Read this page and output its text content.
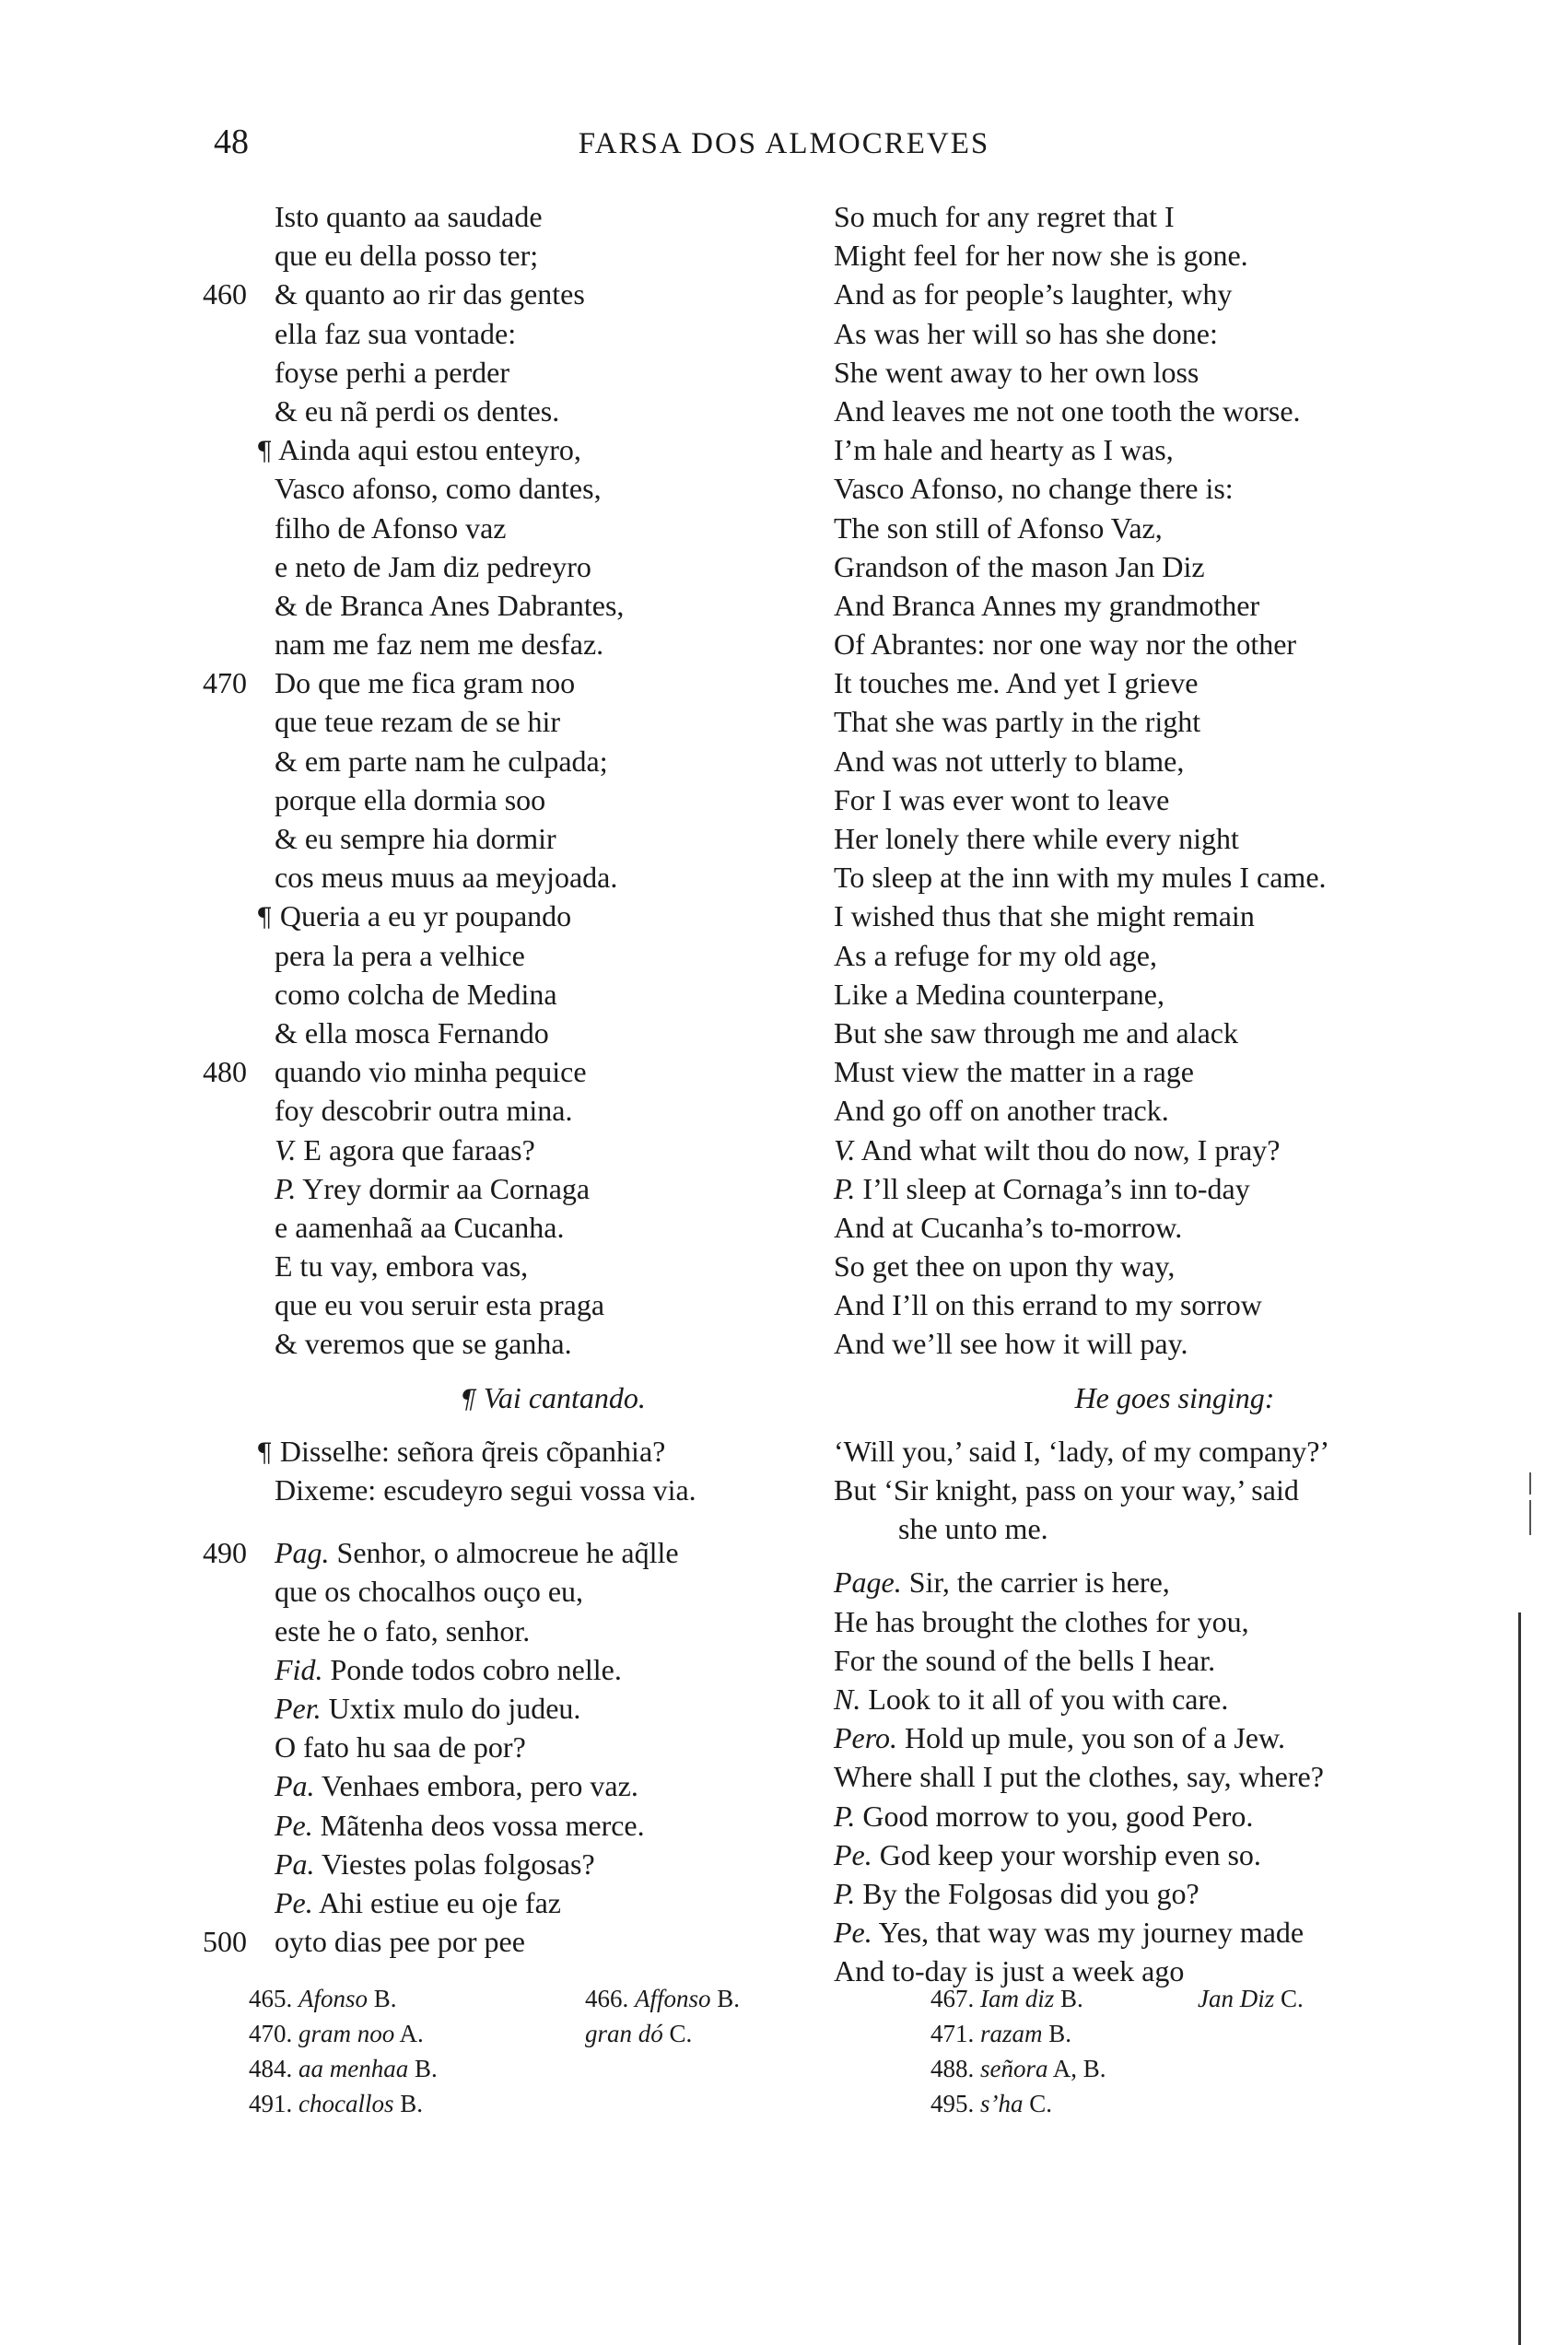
48	FARSA DOS ALMOCREVES
Isto quanto aa saudade
que eu della posso ter;
460 & quanto ao rir das gentes
ella faz sua vontade:
foyse perhi a perder
& eu nã perdi os dentes.
¶ Ainda aqui estou enteyro,
Vasco afonso, como dantes,
filho de Afonso vaz
e neto de Jam diz pedreyro
& de Branca Anes Dabrantes,
nam me faz nem me desfaz.
470 Do que me fica gram noo
que teue rezam de se hir
& em parte nam he culpada;
porque ella dormia soo
& eu sempre hia dormir
cos meus muus aa meyjoada.
¶ Queria a eu yr poupando
pera la pera a velhice
como colcha de Medina
& ella mosca Fernando
480 quando vio minha pequice
foy descobrir outra mina.
V. E agora que faraas?
P. Yrey dormir aa Cornaga
e aamenhaã aa Cucanha.
E tu vay, embora vas,
que eu vou seruir esta praga
& veremos que se ganha.
¶ Vai cantando.
¶ Disselhe: señora q̃reis cõpanhia?
Dixeme: escudeyro segui vossa via.
490 Pag. Senhor, o almocreue he aq̃lle
que os chocalhos ouço eu,
este he o fato, senhor.
Fid. Ponde todos cobro nelle.
Per. Uxtix mulo do judeu.
O fato hu saa de por?
Pa. Venhaes embora, pero vaz.
Pe. Mãtenha deos vossa merce.
Pa. Viestes polas folgosas?
Pe. Ahi estiue eu oje faz
500 oyto dias pee por pee
So much for any regret that I
Might feel for her now she is gone.
And as for people’s laughter, why
As was her will so has she done:
She went away to her own loss
And leaves me not one tooth the worse.
I’m hale and hearty as I was,
Vasco Afonso, no change there is:
The son still of Afonso Vaz,
Grandson of the mason Jan Diz
And Branca Annes my grandmother
Of Abrantes: nor one way nor the other
It touches me. And yet I grieve
That she was partly in the right
And was not utterly to blame,
For I was ever wont to leave
Her lonely there while every night
To sleep at the inn with my mules I came.
I wished thus that she might remain
As a refuge for my old age,
Like a Medina counterpane,
But she saw through me and alack
Must view the matter in a rage
And go off on another track.
V. And what wilt thou do now, I pray?
P. I’ll sleep at Cornaga’s inn to-day
And at Cucanha’s to-morrow.
So get thee on upon thy way,
And I’ll on this errand to my sorrow
And we’ll see how it will pay.
He goes singing:
‘Will you,’ said I, ‘lady, of my company?’
But ‘Sir knight, pass on your way,’ said
she unto me.
Page. Sir, the carrier is here,
He has brought the clothes for you,
For the sound of the bells I hear.
N. Look to it all of you with care.
Pero. Hold up mule, you son of a Jew.
Where shall I put the clothes, say, where?
P. Good morrow to you, good Pero.
Pe. God keep your worship even so.
P. By the Folgosas did you go?
Pe. Yes, that way was my journey made
And to-day is just a week ago
465. Afonso B.	466. Affonso B.
470. gram noo A.	gran dó C.
484. aa menhaa B.
491. chocallos B.
467. Iam diz B.	Jan Diz C.
471. razam B.
488. señora A, B.
495. s’ha C.
